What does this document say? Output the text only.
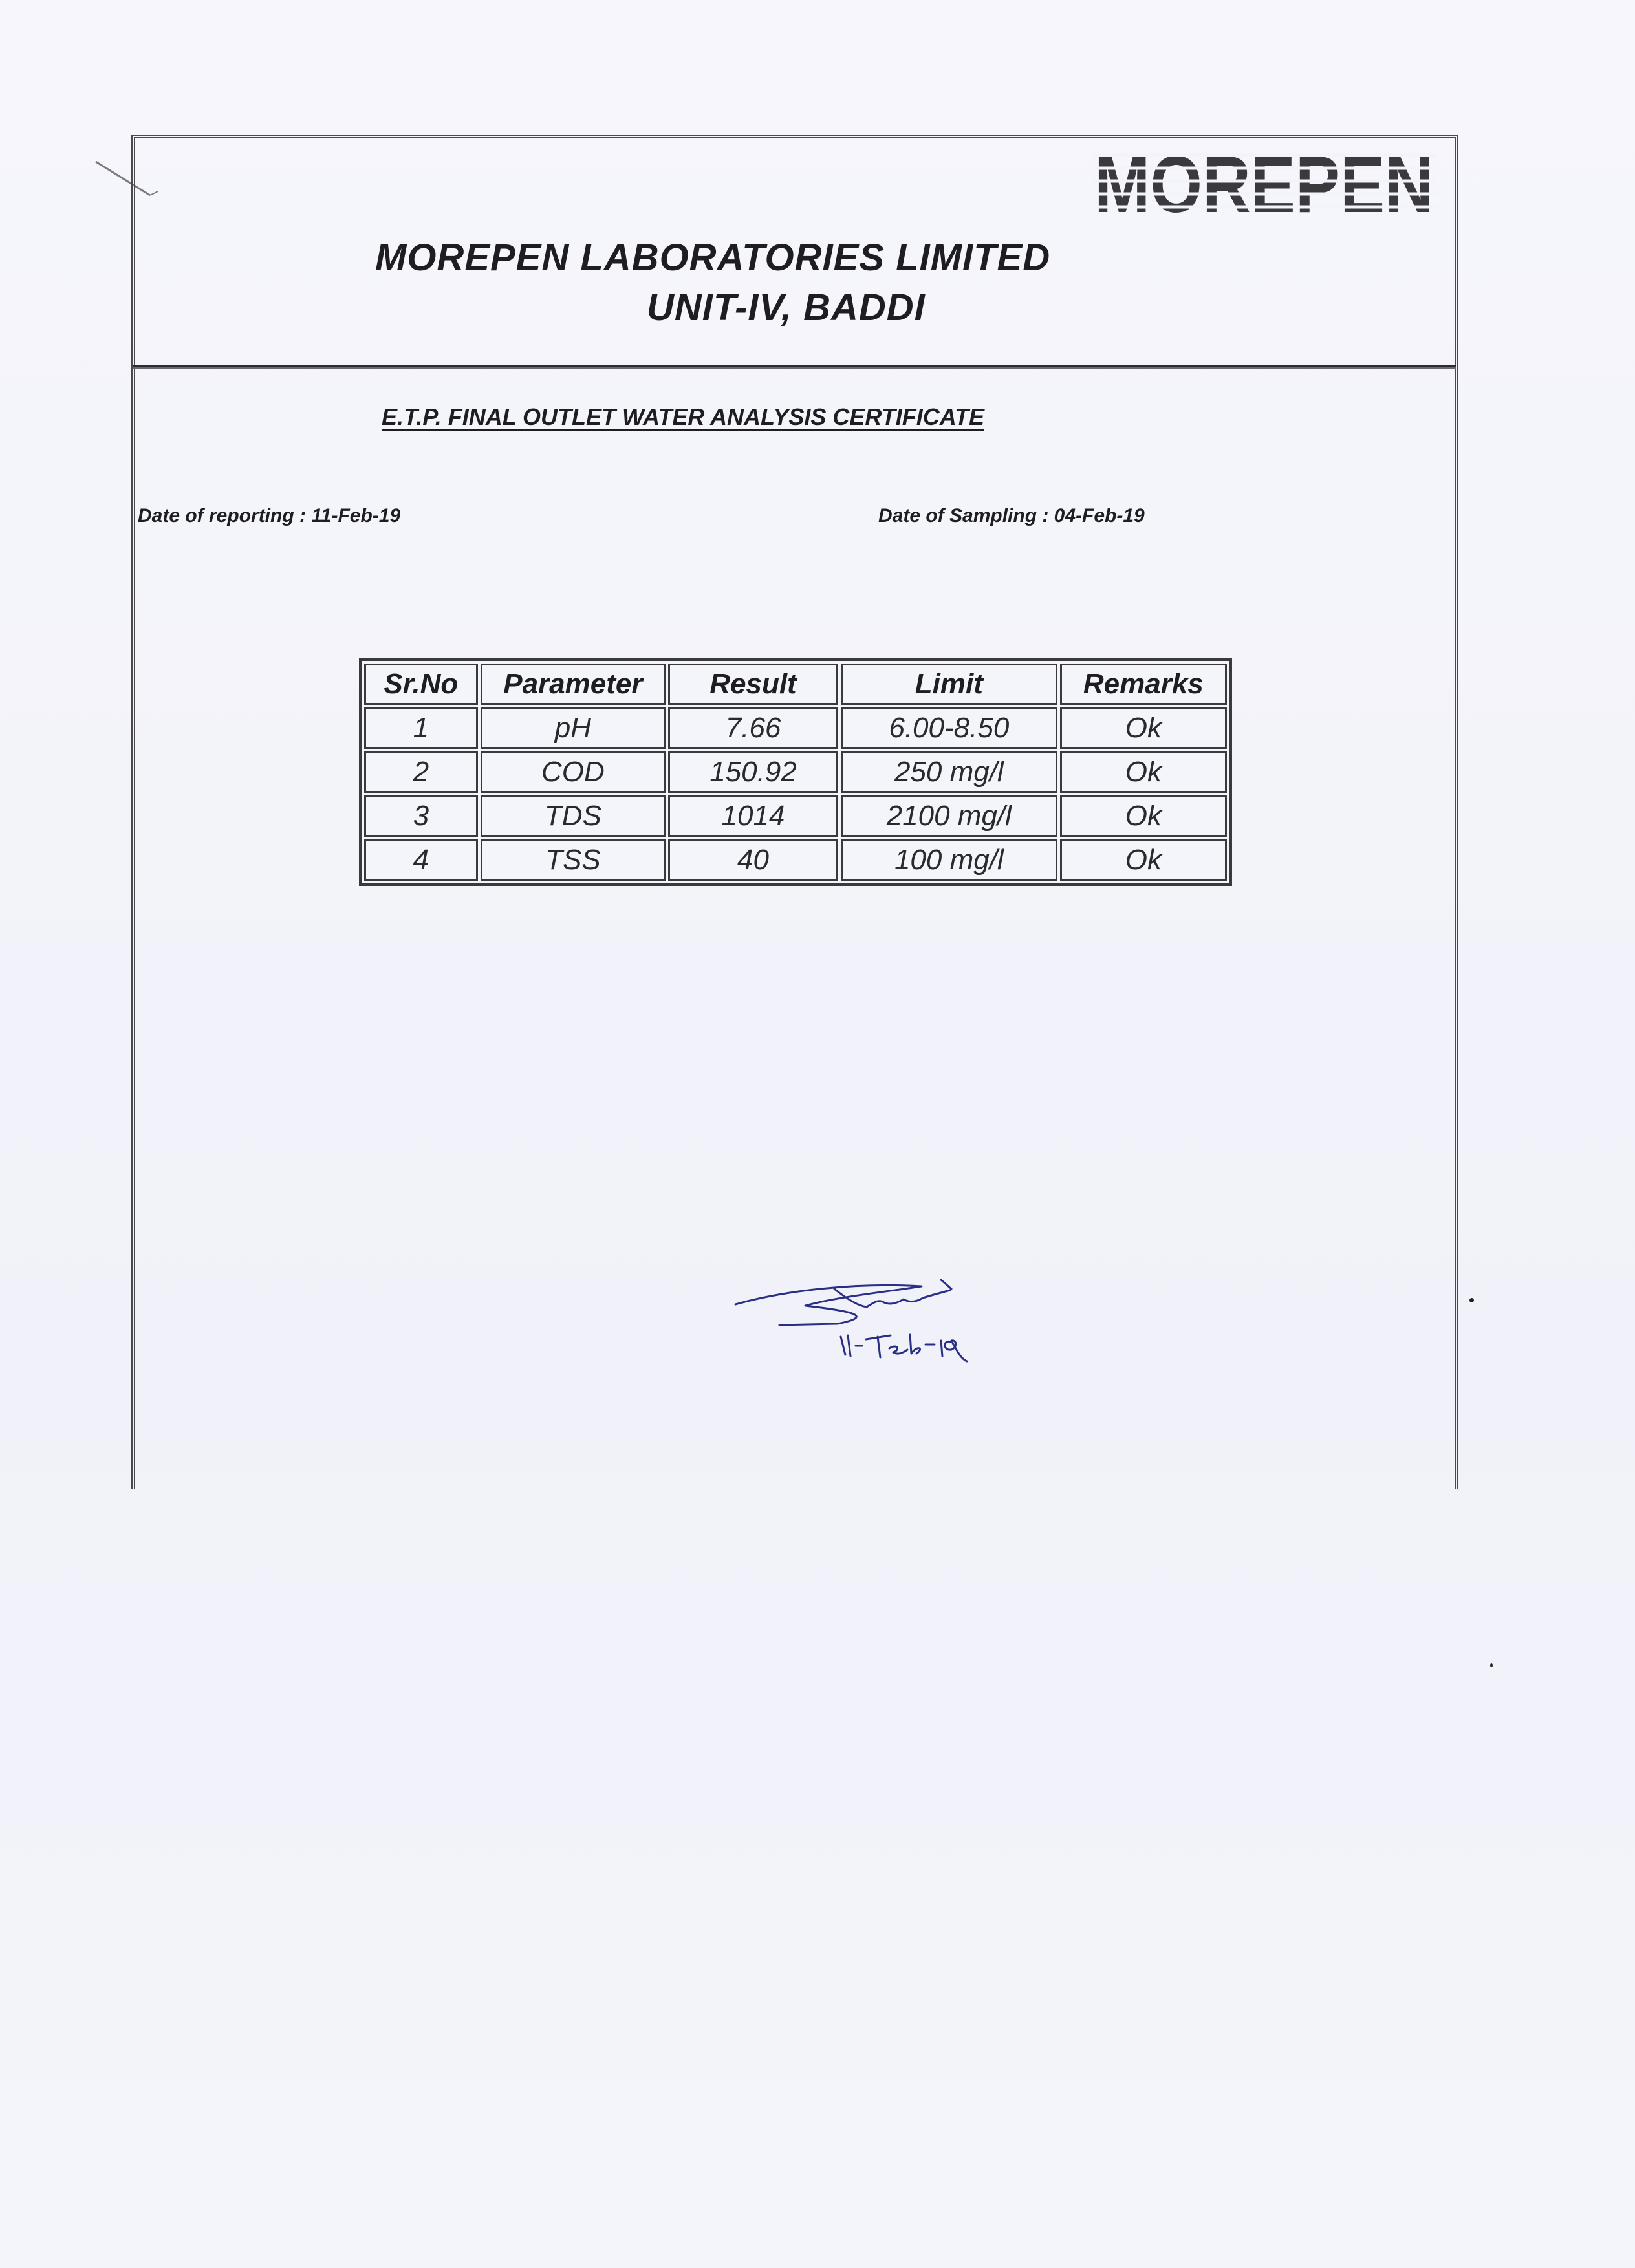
MOREPEN
MOREPEN LABORATORIES LIMITED
UNIT-IV, BADDI
E.T.P. FINAL OUTLET WATER ANALYSIS CERTIFICATE
Date of reporting : 11-Feb-19	Date of Sampling : 04-Feb-19
Sr.No	Parameter	Result	Limit	Remarks
1	pH	7.66	6.00-8.50	Ok
2	COD	150.92	250 mg/l	Ok
3	TDS	1014	2100 mg/l	Ok
4	TSS	40	100 mg/l	Ok
